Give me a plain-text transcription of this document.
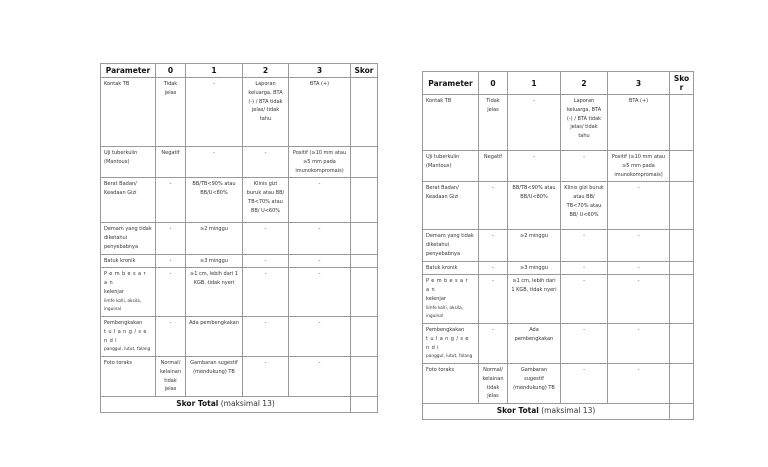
Parameter	0	1	2	3	Skor
Kontak TB	Tidak jelas	-	Laporan keluarga, BTA (-) / BTA tidak jelas/ tidak tahu	BTA (+)	
Uji tuberkulin (Mantoux)	Negatif	-	-	Positif (≥10 mm atau ≥5 mm pada imunokompromais)	
Berat Badan/ Keadaan Gizi	-	BB/TB<90% atau BB/U<80%	Klinis gizi buruk atau BB/ TB<70% atau BB/ U<60%	-	
Demam yang tidak diketahui penyebabnya	-	≥2 minggu	-	-	
Batuk kronik	-	≥3 minggu	-	-	
Pembesaran
kelenjar
limfe kolli, aksila, inguinal	-	≥1 cm, lebih dari 1 KGB, tidak nyeri	-	-	
Pembengkakan
tulang/sendi
panggul, lutut, falang	-	Ada pembengkakan	-	-	
Foto toraks	Normal/ kelainan tidak jelas	Gambaran sugestif (mendukung) TB	-	-	
Skor Total (maksimal 13)					
Parameter	0	1	2	3	Skor
Kontak TB	Tidak jelas	-	Laporan keluarga, BTA (-) / BTA tidak jelas/ tidak tahu	BTA (+)	
Uji tuberkulin (Mantoux)	Negatif	-	-	Positif (≥10 mm atau ≥5 mm pada imunokompromais)	
Berat Badan/ Keadaan Gizi	-	BB/TB<90% atau BB/U<80%	Klinis gizi buruk atau BB/ TB<70% atau BB/ U<60%	-	
Demam yang tidak diketahui penyebabnya	-	≥2 minggu	-	-	
Batuk kronik	-	≥3 minggu	-	-	
Pembesaran
kelenjar
limfe kolli, aksila, inguinal	-	≥1 cm, lebih dari 1 KGB, tidak nyeri	-	-	
Pembengkakan
tulang/sendi
panggul, lutut, falang	-	Ada pembengkakan	-	-	
Foto toraks	Normal/ kelainan tidak jelas	Gambaran sugestif (mendukung) TB	-	-	
Skor Total (maksimal 13)					
